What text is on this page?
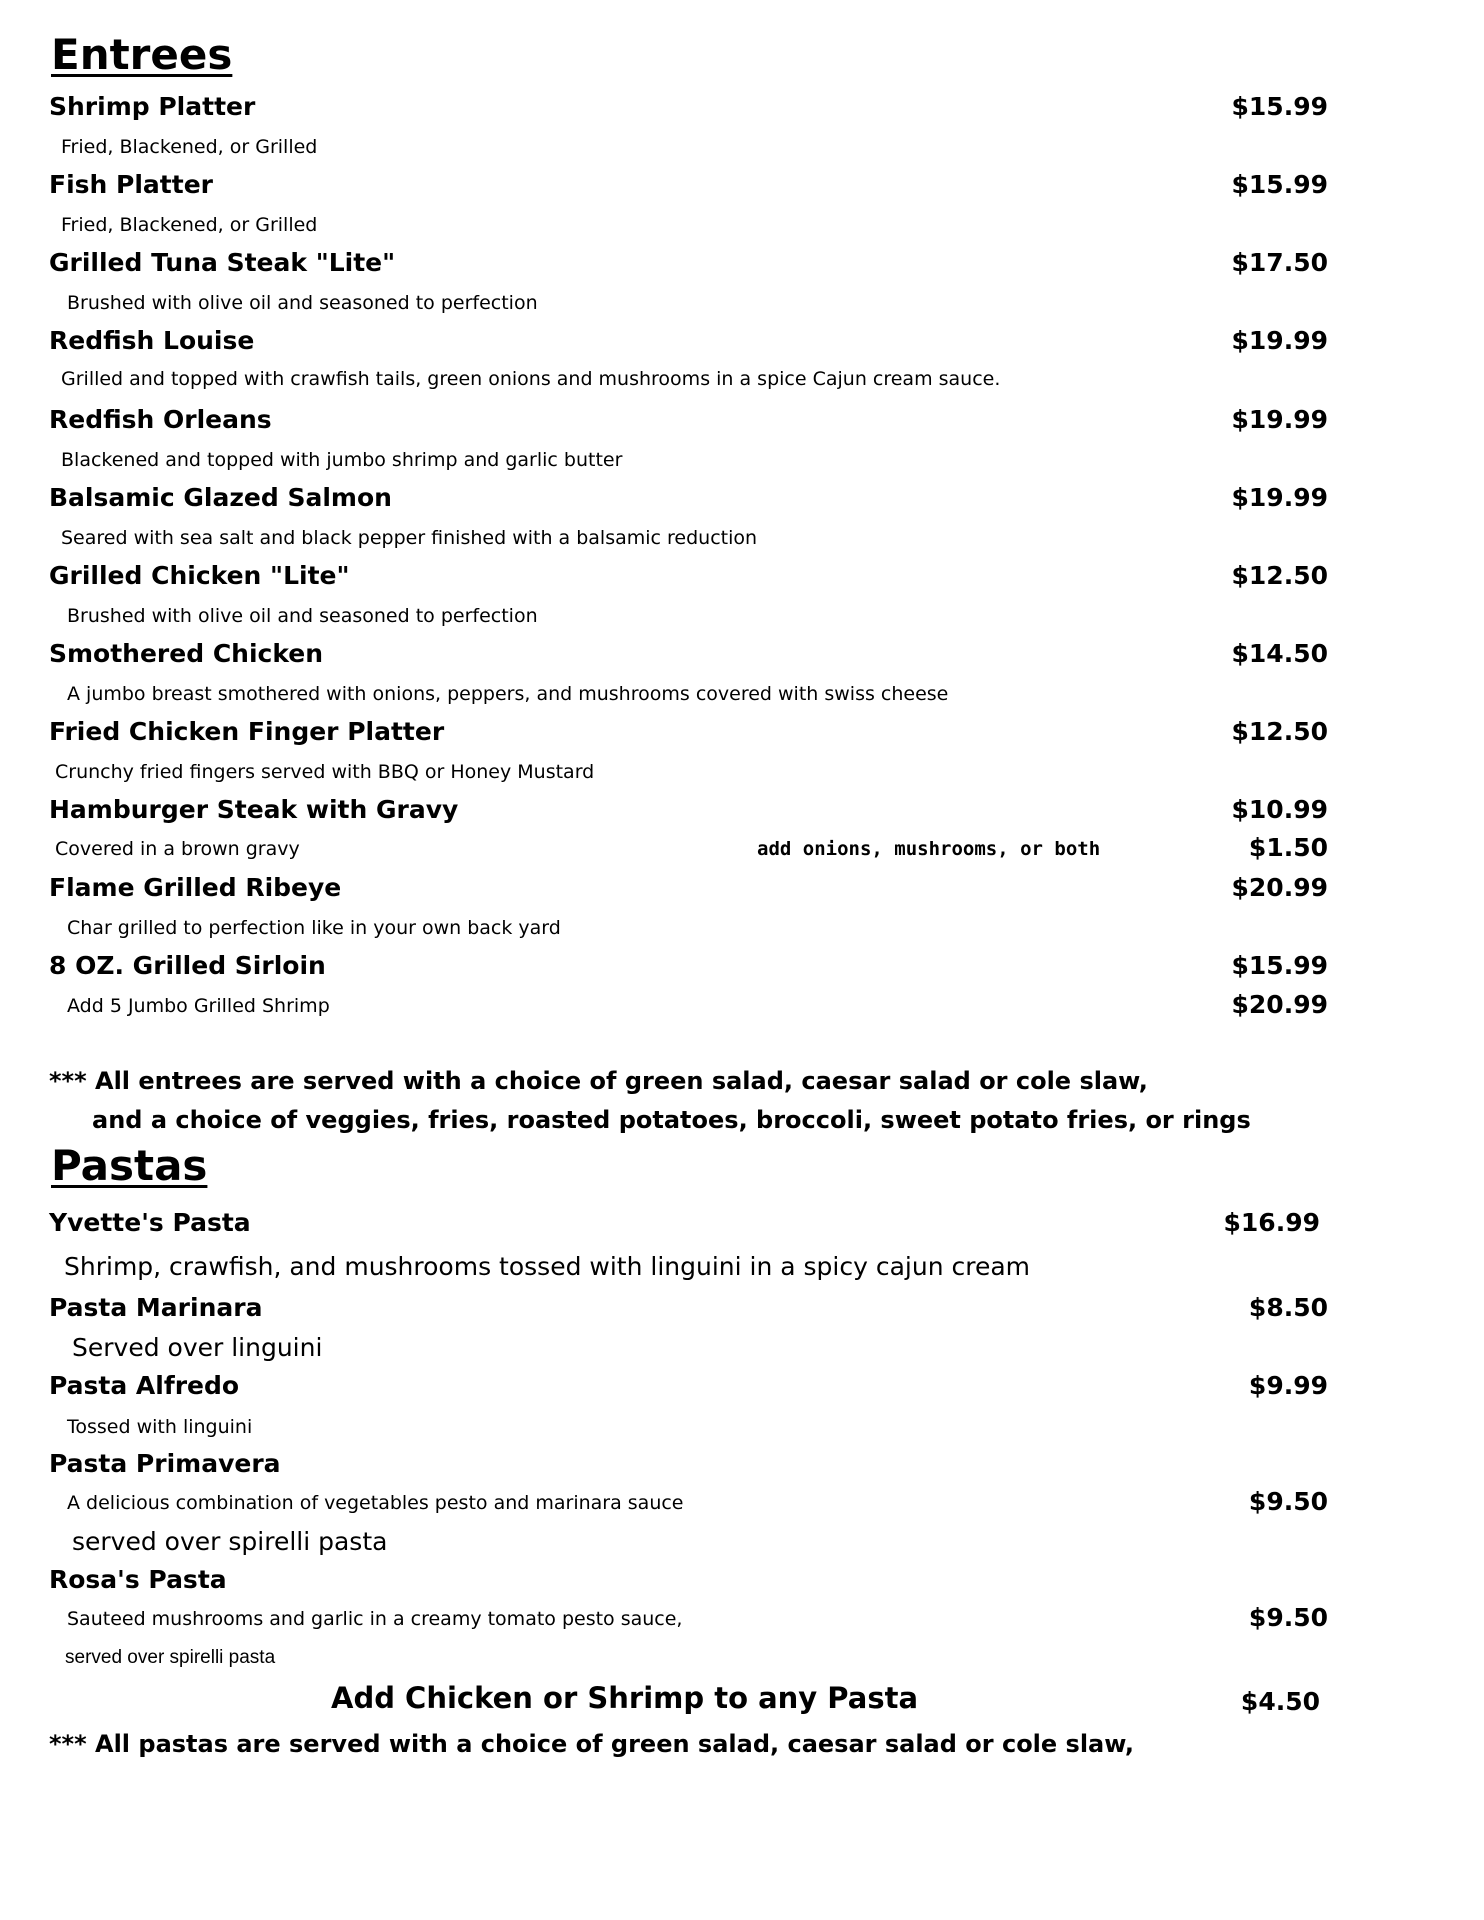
Entrees
Shrimp Platter	$15.99
Fried, Blackened, or Grilled
Fish Platter	$15.99
Fried, Blackened, or Grilled
Grilled Tuna Steak "Lite"	$17.50
Brushed with olive oil and seasoned to perfection
Redfish Louise	$19.99
Grilled and topped with crawfish tails, green onions and mushrooms in a spice Cajun cream sauce.
Redfish Orleans	$19.99
Blackened and topped with jumbo shrimp and garlic butter
Balsamic Glazed Salmon	$19.99
Seared with sea salt and black pepper finished with a balsamic reduction
Grilled Chicken "Lite"	$12.50
Brushed with olive oil and seasoned to perfection
Smothered Chicken	$14.50
A jumbo breast smothered with onions, peppers, and mushrooms covered with swiss cheese
Fried Chicken Finger Platter	$12.50
Crunchy fried fingers served with BBQ or Honey Mustard
Hamburger Steak with Gravy	$10.99
Covered in a brown gravy	add onions, mushrooms, or both	$1.50
Flame Grilled Ribeye	$20.99
Char grilled to perfection like in your own back yard
8 OZ. Grilled Sirloin	$15.99
Add 5 Jumbo Grilled Shrimp	$20.99
*** All entrees are served with a choice of green salad, caesar salad or cole slaw,
and a choice of veggies, fries, roasted potatoes, broccoli, sweet potato fries, or rings
Pastas
Yvette's Pasta	$16.99
Shrimp, crawfish, and mushrooms tossed with linguini in a spicy cajun cream
Pasta Marinara	$8.50
Served over linguini
Pasta Alfredo	$9.99
Tossed with linguini
Pasta Primavera
A delicious combination of vegetables pesto and marinara sauce	$9.50
served over spirelli pasta
Rosa's Pasta
Sauteed mushrooms and garlic in a creamy tomato pesto sauce,	$9.50
served over spirelli pasta
Add Chicken or Shrimp to any Pasta	$4.50
*** All pastas are served with a choice of green salad, caesar salad or cole slaw,
